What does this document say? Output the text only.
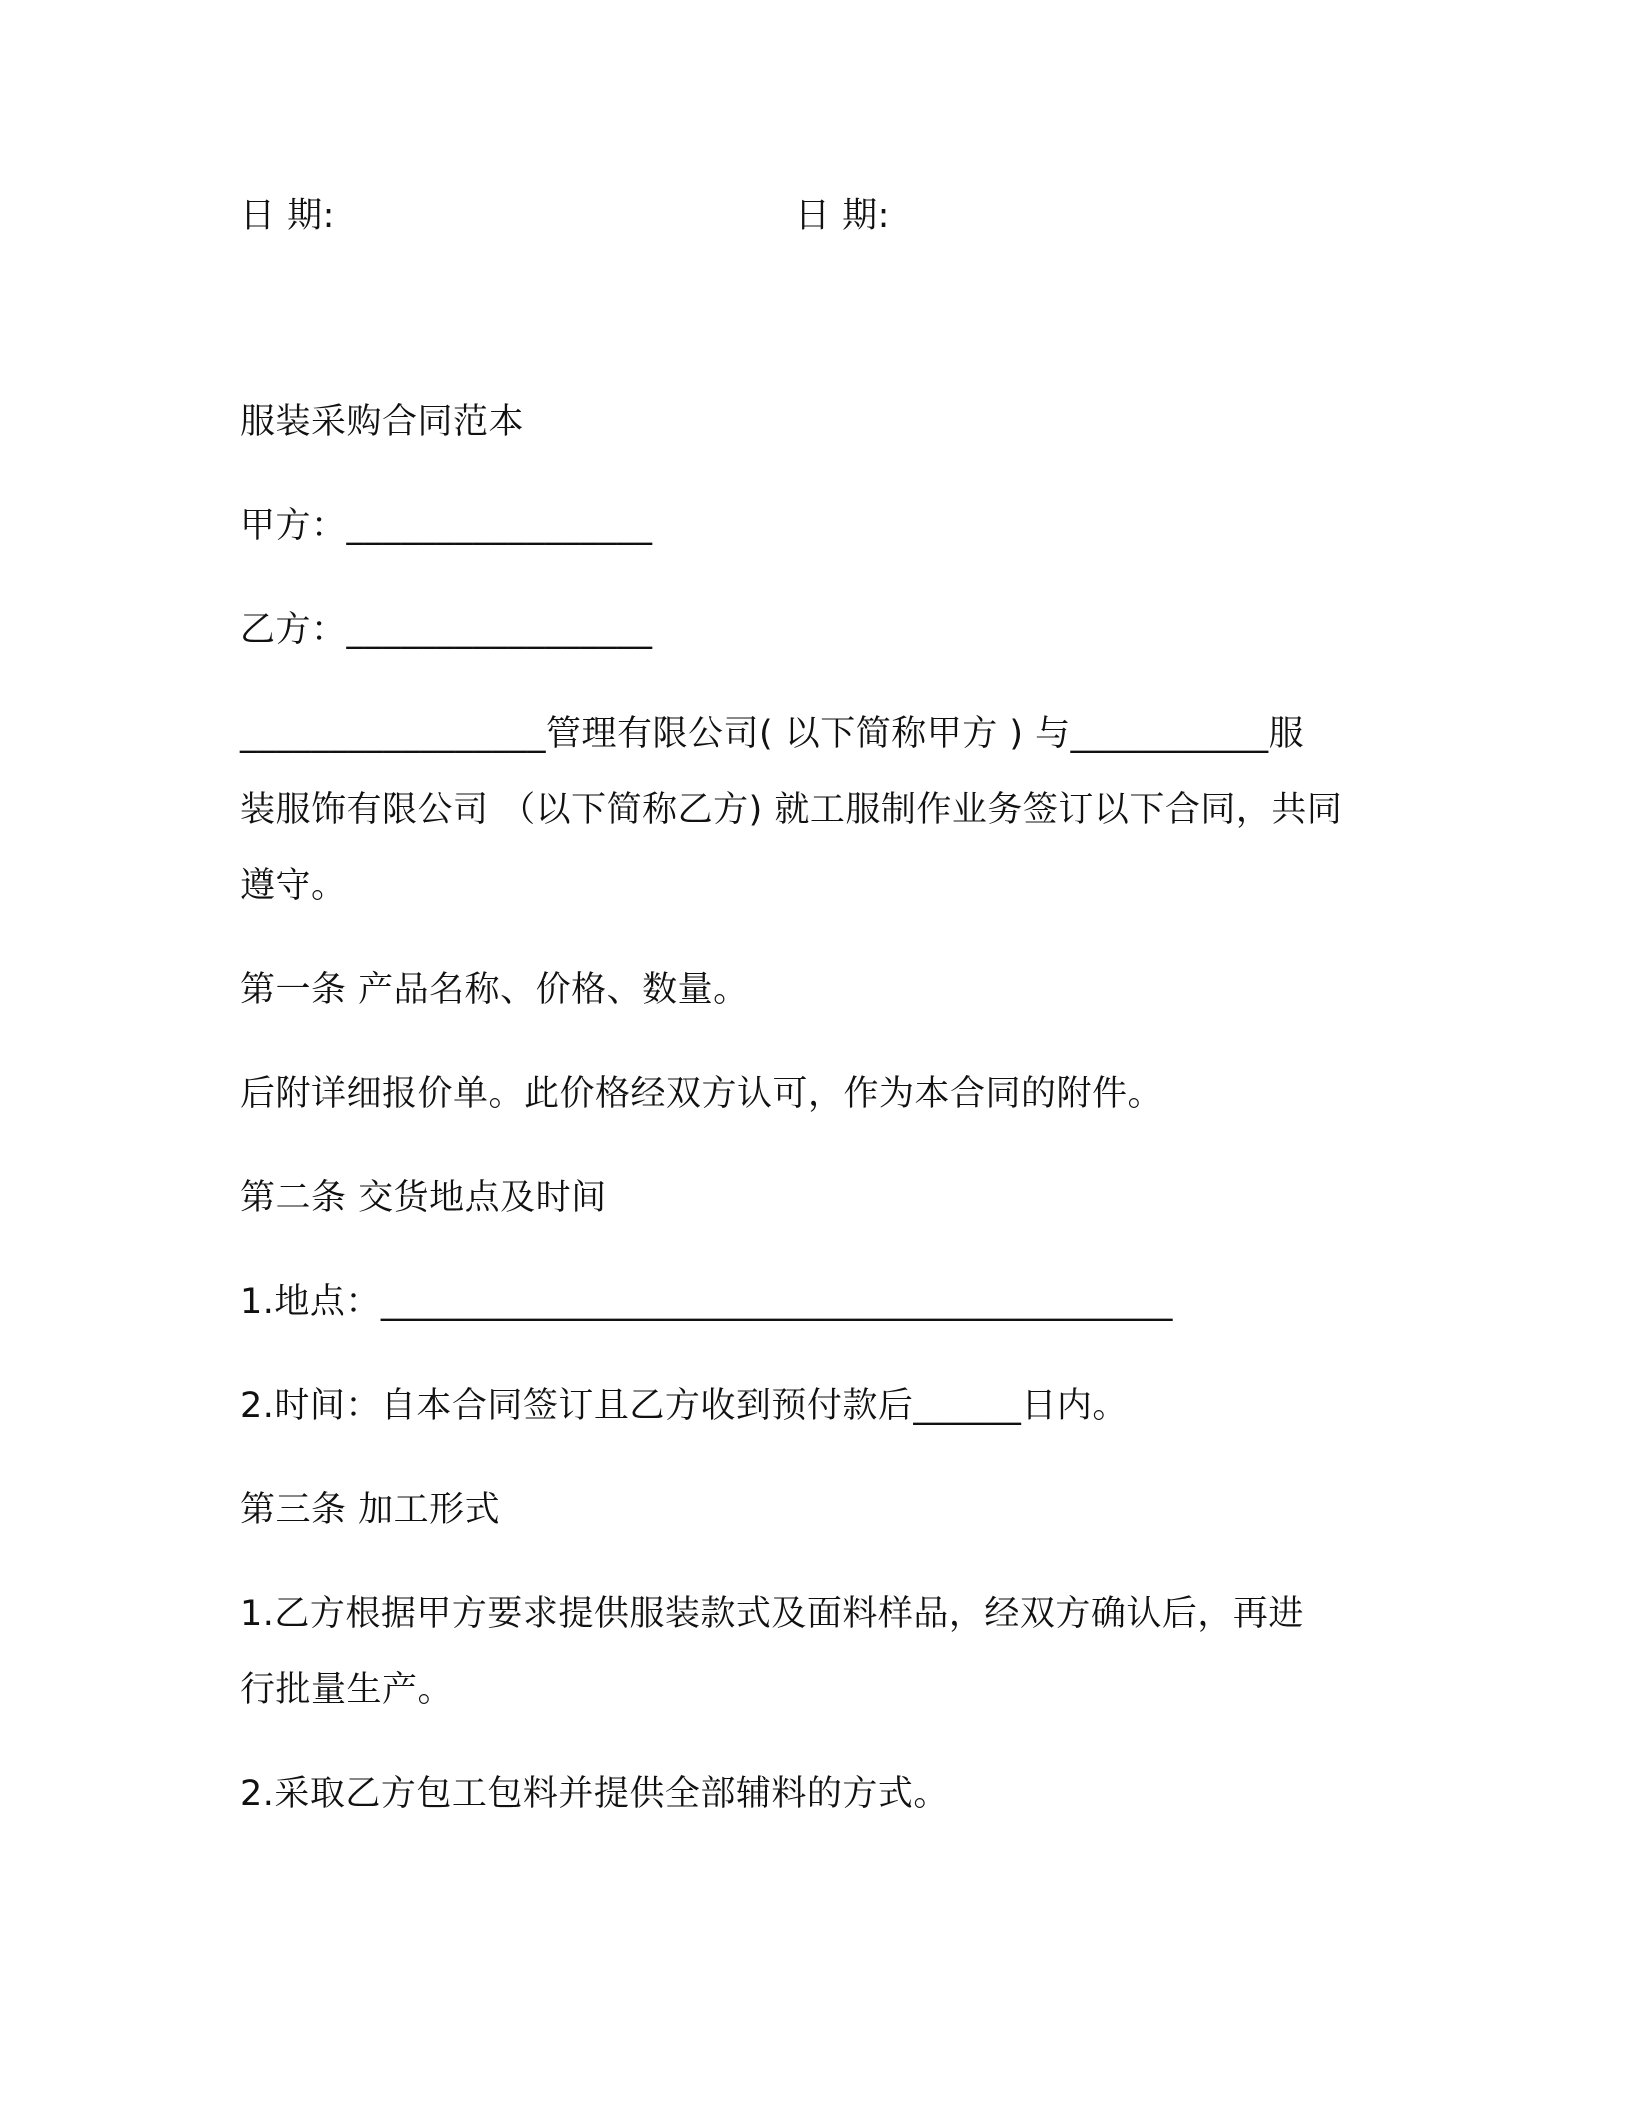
日 期:	日 期:
服装采购合同范本
甲方：_________________
乙方：_________________
_________________管理有限公司( 以下简称甲方 ) 与___________服
装服饰有限公司 （以下简称乙方) 就工服制作业务签订以下合同，共同
遵守。
第一条 产品名称、价格、数量。
后附详细报价单。此价格经双方认可，作为本合同的附件。
第二条 交货地点及时间
1.地点：____________________________________________
2.时间：自本合同签订且乙方收到预付款后______日内。
第三条 加工形式
1.乙方根据甲方要求提供服装款式及面料样品，经双方确认后，再进
行批量生产。
2.采取乙方包工包料并提供全部辅料的方式。
